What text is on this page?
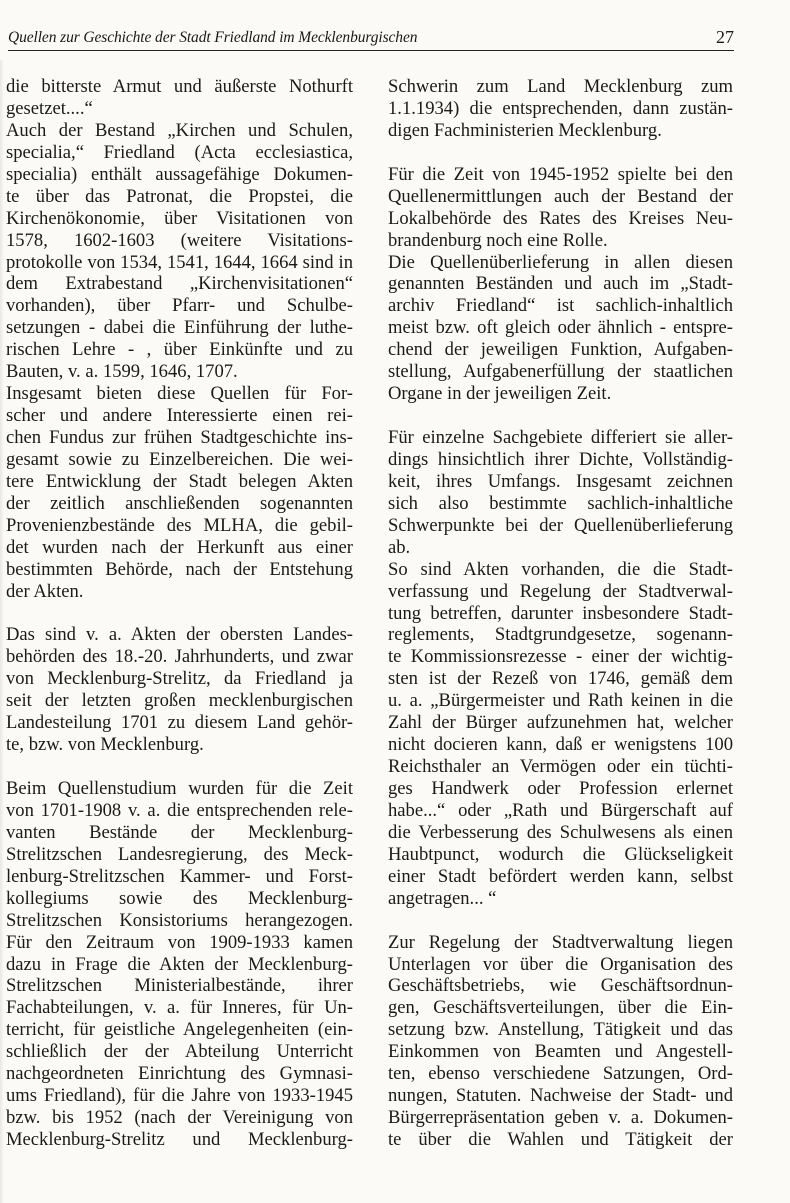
Quellen zur Geschichte der Stadt Friedland im Mecklenburgischen	27
die bitterste Armut und äußerste Nothurft
gesetzet....“
Auch der Bestand „Kirchen und Schulen,
specialia,“ Friedland (Acta ecclesiastica,
specialia) enthält aussagefähige Dokumen-
te über das Patronat, die Propstei, die
Kirchenökonomie, über Visitationen von
1578, 1602-1603 (weitere Visitations-
protokolle von 1534, 1541, 1644, 1664 sind in
dem Extrabestand „Kirchenvisitationen“
vorhanden), über Pfarr- und Schulbe-
setzungen - dabei die Einführung der luthe-
rischen Lehre - , über Einkünfte und zu
Bauten, v. a. 1599, 1646, 1707.
Insgesamt bieten diese Quellen für For-
scher und andere Interessierte einen rei-
chen Fundus zur frühen Stadtgeschichte ins-
gesamt sowie zu Einzelbereichen. Die wei-
tere Entwicklung der Stadt belegen Akten
der zeitlich anschließenden sogenannten
Provenienzbestände des MLHA, die gebil-
det wurden nach der Herkunft aus einer
bestimmten Behörde, nach der Entstehung
der Akten.
Das sind v. a. Akten der obersten Landes-
behörden des 18.-20. Jahrhunderts, und zwar
von Mecklenburg-Strelitz, da Friedland ja
seit der letzten großen mecklenburgischen
Landesteilung 1701 zu diesem Land gehör-
te, bzw. von Mecklenburg.
Beim Quellenstudium wurden für die Zeit
von 1701-1908 v. a. die entsprechenden rele-
vanten Bestände der Mecklenburg-
Strelitzschen Landesregierung, des Meck-
lenburg-Strelitzschen Kammer- und Forst-
kollegiums sowie des Mecklenburg-
Strelitzschen Konsistoriums herangezogen.
Für den Zeitraum von 1909-1933 kamen
dazu in Frage die Akten der Mecklenburg-
Strelitzschen Ministerialbestände, ihrer
Fachabteilungen, v. a. für Inneres, für Un-
terricht, für geistliche Angelegenheiten (ein-
schließlich der der Abteilung Unterricht
nachgeordneten Einrichtung des Gymnasi-
ums Friedland), für die Jahre von 1933-1945
bzw. bis 1952 (nach der Vereinigung von
Mecklenburg-Strelitz und Mecklenburg-
Schwerin zum Land Mecklenburg zum
1.1.1934) die entsprechenden, dann zustän-
digen Fachministerien Mecklenburg.
Für die Zeit von 1945-1952 spielte bei den
Quellenermittlungen auch der Bestand der
Lokalbehörde des Rates des Kreises Neu-
brandenburg noch eine Rolle.
Die Quellenüberlieferung in allen diesen
genannten Beständen und auch im „Stadt-
archiv Friedland“ ist sachlich-inhaltlich
meist bzw. oft gleich oder ähnlich - entspre-
chend der jeweiligen Funktion, Aufgaben-
stellung, Aufgabenerfüllung der staatlichen
Organe in der jeweiligen Zeit.
Für einzelne Sachgebiete differiert sie aller-
dings hinsichtlich ihrer Dichte, Vollständig-
keit, ihres Umfangs. Insgesamt zeichnen
sich also bestimmte sachlich-inhaltliche
Schwerpunkte bei der Quellenüberlieferung
ab.
So sind Akten vorhanden, die die Stadt-
verfassung und Regelung der Stadtverwal-
tung betreffen, darunter insbesondere Stadt-
reglements, Stadtgrundgesetze, sogenann-
te Kommissionsrezesse - einer der wichtig-
sten ist der Rezeß von 1746, gemäß dem
u. a. „Bürgermeister und Rath keinen in die
Zahl der Bürger aufzunehmen hat, welcher
nicht docieren kann, daß er wenigstens 100
Reichsthaler an Vermögen oder ein tüchti-
ges Handwerk oder Profession erlernet
habe...“ oder „Rath und Bürgerschaft auf
die Verbesserung des Schulwesens als einen
Haubtpunct, wodurch die Glückseligkeit
einer Stadt befördert werden kann, selbst
angetragen... “
Zur Regelung der Stadtverwaltung liegen
Unterlagen vor über die Organisation des
Geschäftsbetriebs, wie Geschäftsordnun-
gen, Geschäftsverteilungen, über die Ein-
setzung bzw. Anstellung, Tätigkeit und das
Einkommen von Beamten und Angestell-
ten, ebenso verschiedene Satzungen, Ord-
nungen, Statuten. Nachweise der Stadt- und
Bürgerrepräsentation geben v. a. Dokumen-
te über die Wahlen und Tätigkeit der
